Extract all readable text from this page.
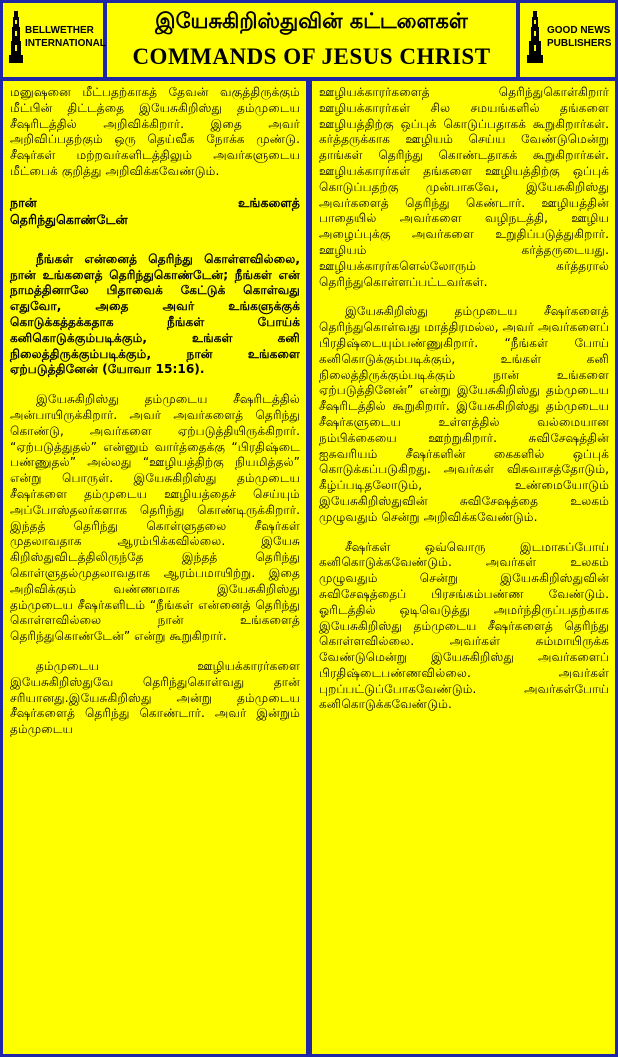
BELLWETHER
INTERNATIONAL
இயேசுகிறிஸ்துவின் கட்டளைகள்
COMMANDS OF JESUS CHRIST
GOOD NEWS
PUBLISHERS

மனுஷனை மீட்பதற்காகத் தேவன் வகுத்திருக்கும் மீட்பின் திட்டத்தை இயேசுகிறிஸ்து தம்முடைய சீஷரிடத்தில் அறிவிக்கிறார். இதை அவர் அறிவிப்பதற்கும் ஒரு தெய்வீக நோக்க முண்டு. சீஷர்கள் மற்றவர்களிடத்திலும் அவர்களுடைய மீட்பைக் குறித்து அறிவிக்கவேண்டும்.

நான் உங்களைத்

தெரிந்துகொண்டேன்

நீங்கள் என்னைத் தெரிந்து கொள்ளவில்லை, நான் உங்களைத் தெரிந்துகொண்டேன்; நீங்கள் என் நாமத்தினாலே பிதாவைக் கேட்டுக் கொள்வது எதுவோ, அதை அவர் உங்களுக்குக் கொடுக்கத்தக்கதாக நீங்கள் போய்க் கனிகொடுக்கும்படிக்கும், உங்கள் கனி நிலைத்திருக்கும்படிக்கும், நான் உங்களை ஏற்படுத்தினேன் (யோவா 15:16).

இயேசுகிறிஸ்து தம்முடைய சீஷரிடத்தில் அன்பாயிருக்கிறார். அவர் அவர்களைத் தெரிந்து கொண்டு, அவர்களை ஏற்படுத்தியிருக்கிறார். “ஏற்படுத்துதல்” என்னும் வார்த்தைக்கு “பிரதிஷ்டை பண்ணுதல்” அல்லது “ஊழியத்திற்கு நியமித்தல்” என்று பொருள். இயேசுகிறிஸ்து தம்முடைய சீஷர்களை தம்முடைய ஊழியத்தைச் செய்யும் அப்போஸ்தலர்களாக தெரிந்து கொண்டிருக்கிறார். இந்தத் தெரிந்து கொள்ளுதலை சீஷர்கள் முதலாவதாக ஆரம்பிக்கவில்லை. இயேசு கிறிஸ்துவிடத்திலிருந்தே இந்தத் தெரிந்து கொள்ளுதல்முதலாவதாக ஆரம்பமாயிற்று. இதை அறிவிக்கும் வண்ணமாக இயேசுகிறிஸ்து தம்முடைய சீஷர்களிடம் “நீங்கள் என்னைத் தெரிந்து கொள்ளவில்லை நான் உங்களைத் தெரிந்துகொண்டேன்” என்று கூறுகிறார்.

தம்முடைய ஊழியக்காரர்களை இயேசுகிறிஸ்துவே தெரிந்துகொள்வது தான் சரியானது.இயேசுகிறிஸ்து அன்று தம்முடைய சீஷர்களைத் தெரிந்து கொண்டார். அவர் இன்றும் தம்முடைய

ஊழியக்காரர்களைத் தெரிந்துகொள்கிறார் ஊழியக்காரர்கள் சில சமயங்களில் தங்களை ஊழியத்திற்கு ஒப்புக் கொடுப்பதாகக் கூறுகிறார்கள். கர்த்தருக்காக ஊழியம் செய்ய வேண்டுமென்று தாங்கள் தெரிந்து கொண்டதாகக் கூறுகிறார்கள். ஊழியக்காரர்கள் தங்களை ஊழியத்திற்கு ஒப்புக் கொடுப்பதற்கு முன்பாகவே, இயேசுகிறிஸ்து அவர்களைத் தெரிந்து கெண்டார். ஊழியத்தின் பாதையில் அவர்களை வழிநடத்தி, ஊழிய அழைப்புக்கு அவர்களை உறுதிப்படுத்துகிறார். ஊழியம் கர்த்தருடையது. ஊழியக்காரர்களெல்லோரும் கர்த்தரால் தெரிந்துகொள்ளப்பட்டவர்கள்.

இயேசுகிறிஸ்து தம்முடைய சீஷர்களைத் தெரிந்துகொள்வது மாத்திரமல்ல, அவர் அவர்களைப் பிரதிஷ்டையும்பண்ணுகிறார். “நீங்கள் போய் கனிகொடுக்கும்படிக்கும், உங்கள் கனி நிலைத்திருக்கும்படிக்கும் நான் உங்களை ஏற்படுத்தினேன்” என்று இயேசுகிறிஸ்து தம்முடைய சீஷரிடத்தில் கூறுகிறார். இயேசுகிறிஸ்து தம்முடைய சீஷர்களுடைய உள்ளத்தில் வல்மையான நம்பிக்கையை ஊற்றுகிறார். சுவிசேஷத்தின் ஐசுவரியம் சீஷர்களின் கைகளில் ஒப்புக் கொடுக்கப்படுகிறது. அவர்கள் விசுவாசத்தோடும், கீழ்ப்படிதலோடும், உண்மையோடும் இயேசுகிறிஸ்துவின் சுவிசேஷத்தை உலகம் முழுவதும் சென்று அறிவிக்கவேண்டும்.

சீஷர்கள் ஒவ்வொரு இடமாகப்போய் கனிகொடுக்கவேண்டும். அவர்கள் உலகம் முழுவதும் சென்று இயேசுகிறிஸ்துவின் சுவிசேஷத்தைப் பிரசங்கம்பண்ண வேண்டும். ஓரிடத்தில் ஒடிவெடுத்து அமர்ந்திருப்பதற்காக இயேசுகிறிஸ்து தம்முடைய சீஷர்களைத் தெரிந்து கொள்ளவில்லை. அவர்கள் சும்மாயிருக்க வேண்டுமென்று இயேசுகிறிஸ்து அவர்களைப் பிரதிஷ்டைபண்ணவில்லை. அவர்கள் புறப்பட்டுப்போகவேண்டும். அவர்கள்போய் கனிகொடுக்கவேண்டும்.
